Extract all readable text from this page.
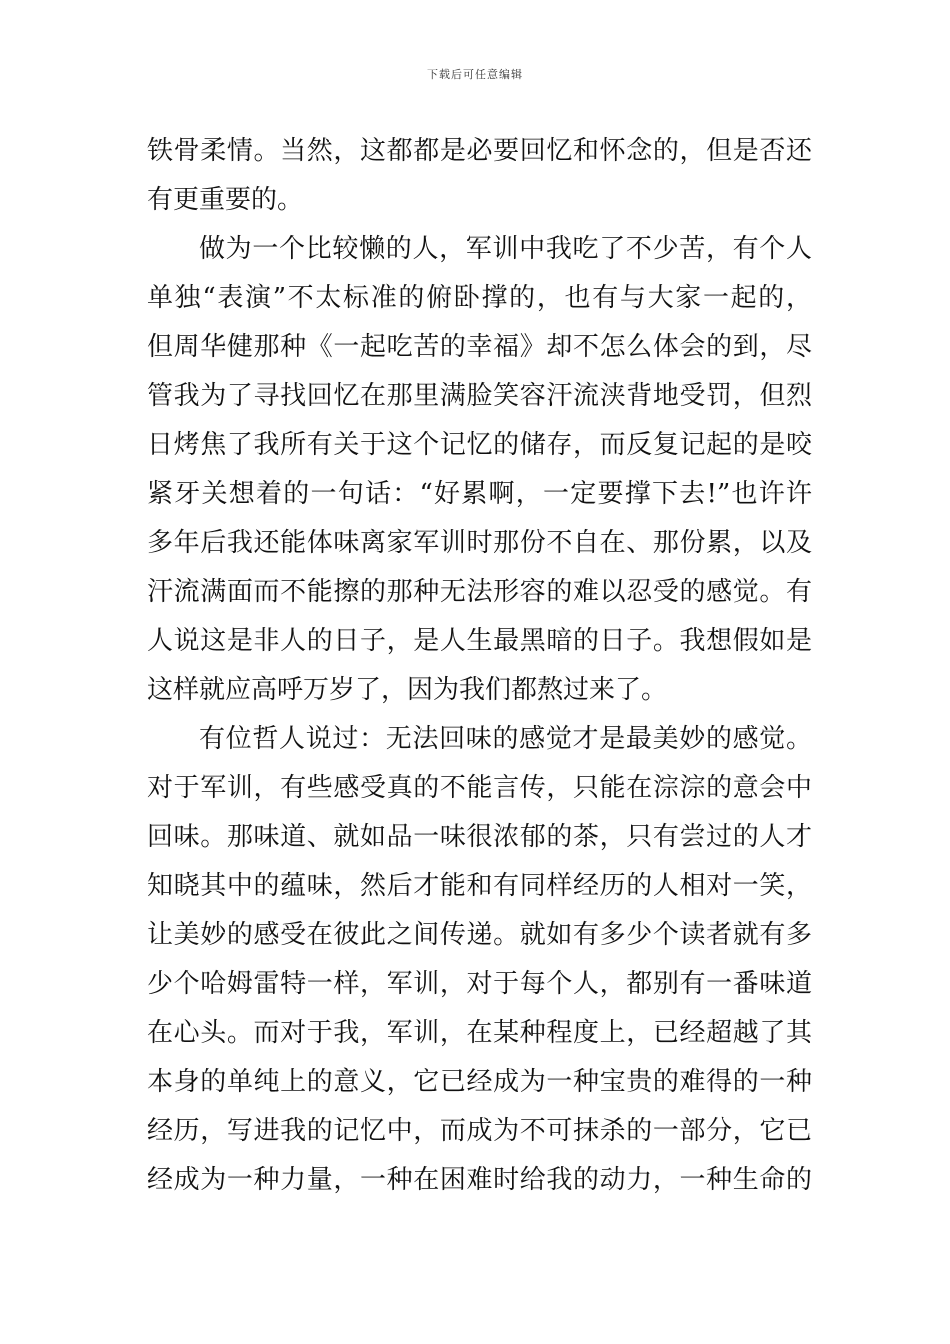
下载后可任意编辑
铁骨柔情。当然，这都都是必要回忆和怀念的，但是否还
有更重要的。
做为一个比较懒的人，军训中我吃了不少苦，有个人
单独“表演”不太标准的俯卧撑的，也有与大家一起的，
但周华健那种《一起吃苦的幸福》却不怎么体会的到，尽
管我为了寻找回忆在那里满脸笑容汗流浃背地受罚，但烈
日烤焦了我所有关于这个记忆的储存，而反复记起的是咬
紧牙关想着的一句话：“好累啊，一定要撑下去!”也许许
多年后我还能体味离家军训时那份不自在、那份累，以及
汗流满面而不能擦的那种无法形容的难以忍受的感觉。有
人说这是非人的日子，是人生最黑暗的日子。我想假如是
这样就应高呼万岁了，因为我们都熬过来了。
有位哲人说过：无法回味的感觉才是最美妙的感觉。
对于军训，有些感受真的不能言传，只能在淙淙的意会中
回味。那味道、就如品一味很浓郁的茶，只有尝过的人才
知晓其中的蕴味，然后才能和有同样经历的人相对一笑，
让美妙的感受在彼此之间传递。就如有多少个读者就有多
少个哈姆雷特一样，军训，对于每个人，都别有一番味道
在心头。而对于我，军训，在某种程度上，已经超越了其
本身的单纯上的意义，它已经成为一种宝贵的难得的一种
经历，写进我的记忆中，而成为不可抹杀的一部分，它已
经成为一种力量，一种在困难时给我的动力，一种生命的
